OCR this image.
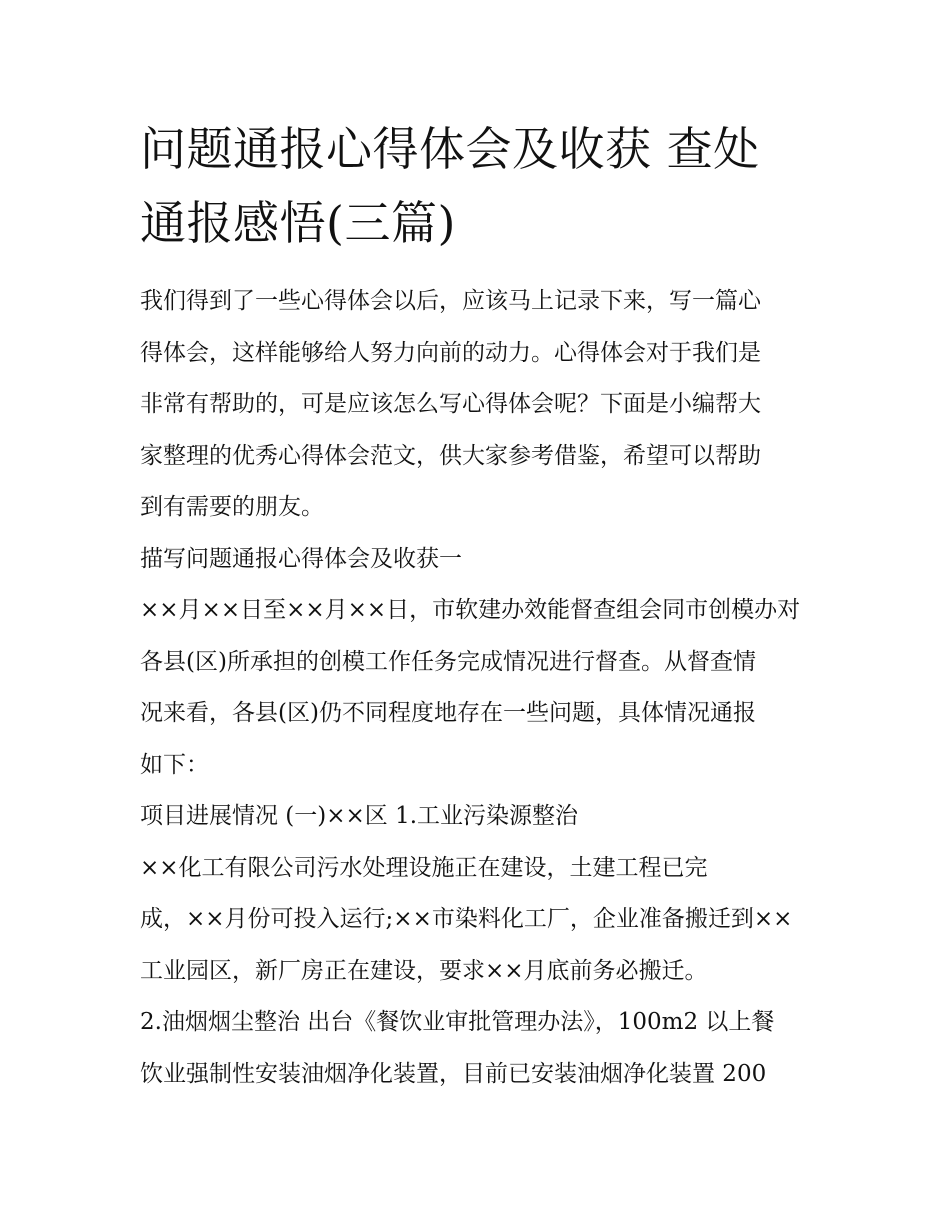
问题通报心得体会及收获 查处
通报感悟(三篇)
我们得到了一些心得体会以后，应该马上记录下来，写一篇心
得体会，这样能够给人努力向前的动力。心得体会对于我们是
非常有帮助的，可是应该怎么写心得体会呢？下面是小编帮大
家整理的优秀心得体会范文，供大家参考借鉴，希望可以帮助
到有需要的朋友。
描写问题通报心得体会及收获一
××月××日至××月××日，市软建办效能督查组会同市创模办对
各县(区)所承担的创模工作任务完成情况进行督查。从督查情
况来看，各县(区)仍不同程度地存在一些问题，具体情况通报
如下：
项目进展情况 (一)××区 1.工业污染源整治
××化工有限公司污水处理设施正在建设，土建工程已完
成，××月份可投入运行;××市染料化工厂，企业准备搬迁到××
工业园区，新厂房正在建设，要求××月底前务必搬迁。
2.油烟烟尘整治 出台《餐饮业审批管理办法》，100m2 以上餐
饮业强制性安装油烟净化装置，目前已安装油烟净化装置 200
